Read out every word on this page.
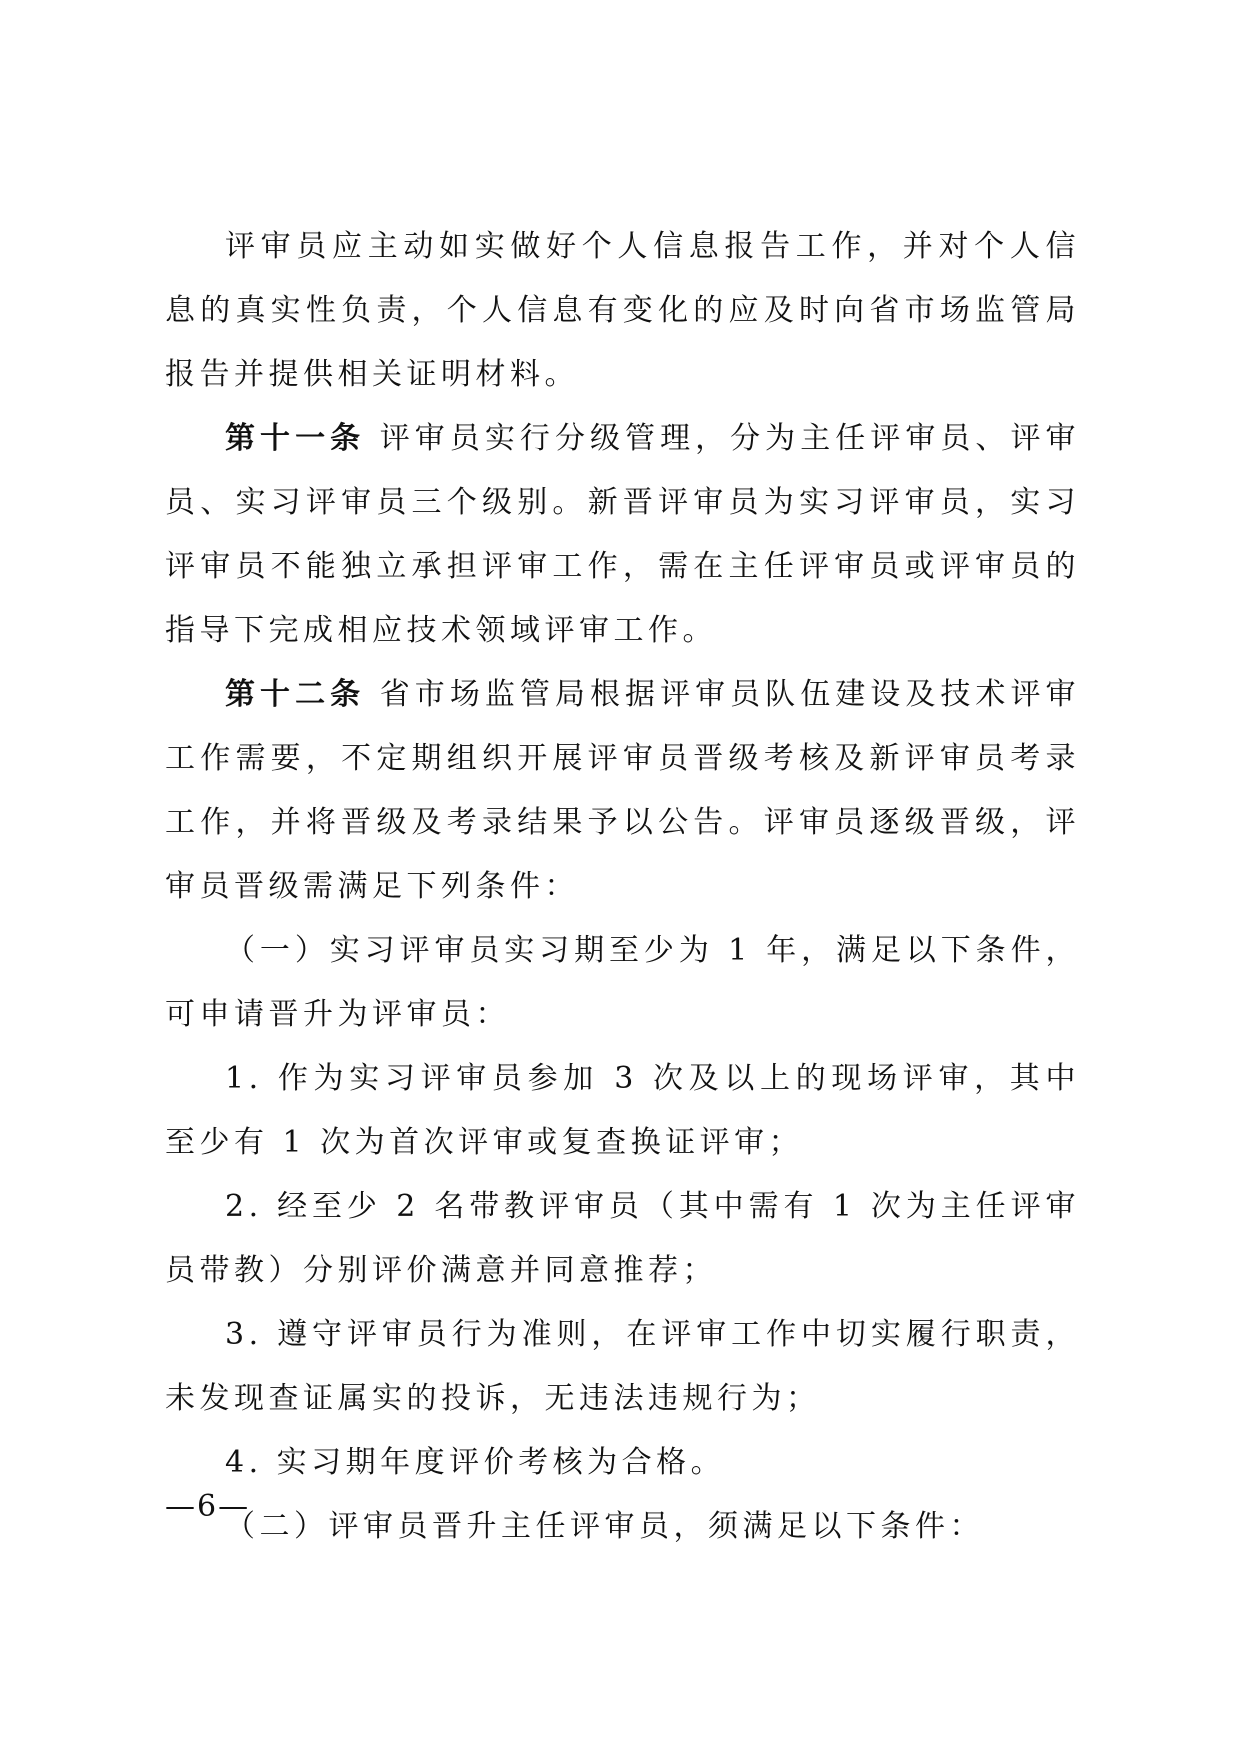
评审员应主动如实做好个人信息报告工作，并对个人信息的真实性负责，个人信息有变化的应及时向省市场监管局报告并提供相关证明材料。

第十一条 评审员实行分级管理，分为主任评审员、评审员、实习评审员三个级别。新晋评审员为实习评审员，实习评审员不能独立承担评审工作，需在主任评审员或评审员的指导下完成相应技术领域评审工作。

第十二条 省市场监管局根据评审员队伍建设及技术评审工作需要，不定期组织开展评审员晋级考核及新评审员考录工作，并将晋级及考录结果予以公告。评审员逐级晋级，评审员晋级需满足下列条件：

（一）实习评审员实习期至少为 1 年，满足以下条件，可申请晋升为评审员：

1. 作为实习评审员参加 3 次及以上的现场评审，其中至少有 1 次为首次评审或复查换证评审；

2. 经至少 2 名带教评审员（其中需有 1 次为主任评审员带教）分别评价满意并同意推荐；

3. 遵守评审员行为准则，在评审工作中切实履行职责，未发现查证属实的投诉，无违法违规行为；

4. 实习期年度评价考核为合格。

（二）评审员晋升主任评审员，须满足以下条件：

—6—
